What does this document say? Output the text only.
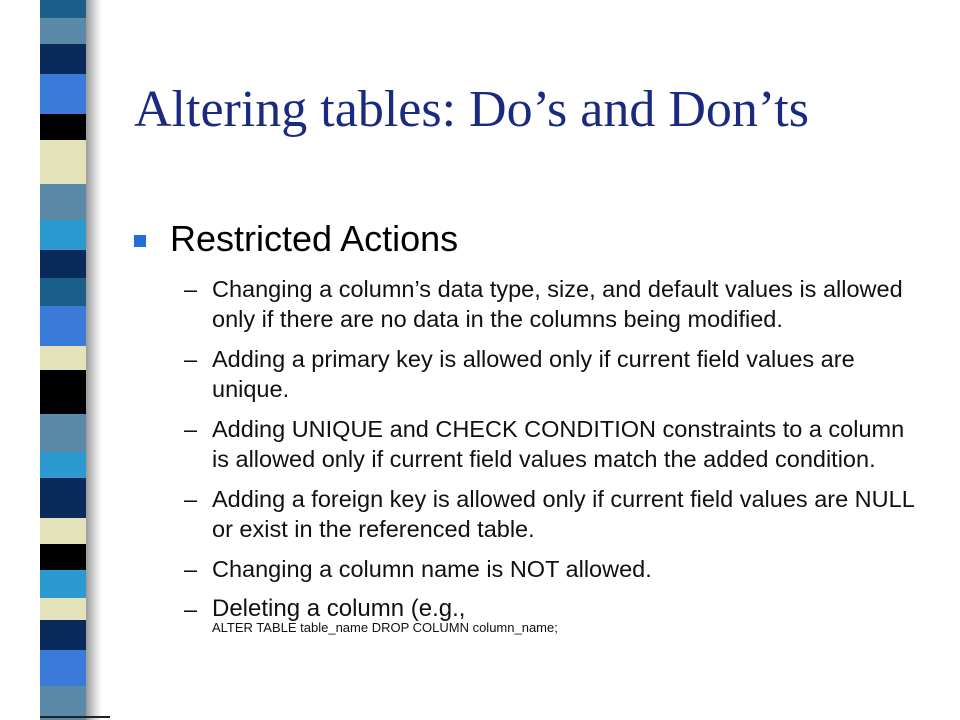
Altering tables: Do’s and Don’ts
Restricted Actions
– Changing a column’s data type, size, and default values is allowed only if there are no data in the columns being modified.
– Adding a primary key is allowed only if current field values are unique.
– Adding UNIQUE and CHECK CONDITION constraints to a column is allowed only if current field values match the added condition.
– Adding a foreign key is allowed only if current field values are NULL or exist in the referenced table.
– Changing a column name is NOT allowed.
– Deleting a column (e.g.,
ALTER TABLE table_name DROP COLUMN column_name;
